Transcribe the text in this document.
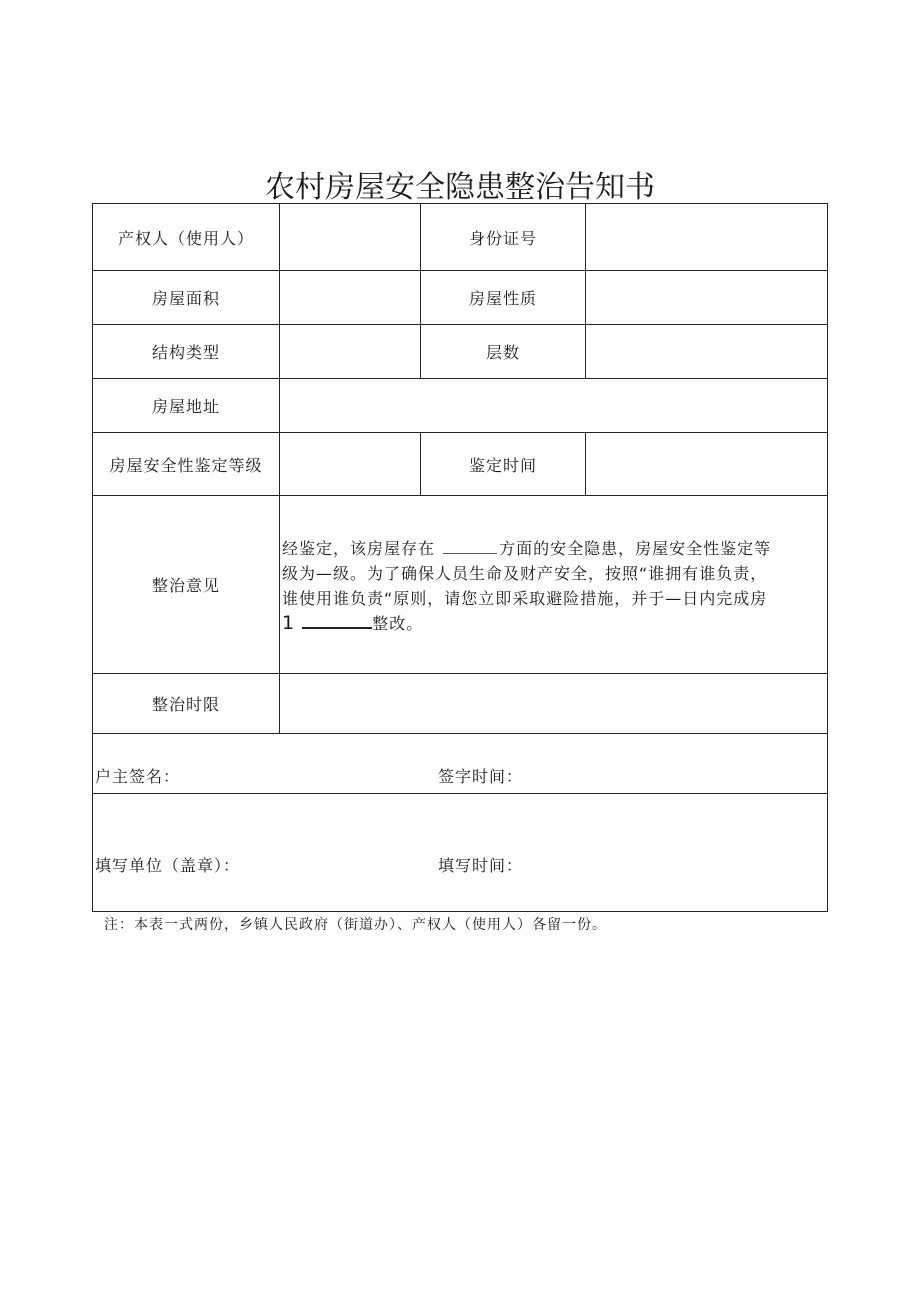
农村房屋安全隐患整治告知书
产权人（使用人）		身份证号	
房屋面积		房屋性质	
结构类型		层数	
房屋地址			
房屋安全性鉴定等级		鉴定时间	
整治意见	经鉴定，该房屋存在 方面的安全隐患，房屋安全性鉴定等
级为—级。为了确保人员生命及财产安全，按照“谁拥有谁负责，
谁使用谁负责“原则，请您立即采取避险措施，并于—日内完成房
1 整改。		

整治时限			

户主签名： 签字时间：			

填写单位（盖章）： 填写时间：			
注：本表一式两份，乡镇人民政府（街道办）、产权人（使用人）各留一份。
